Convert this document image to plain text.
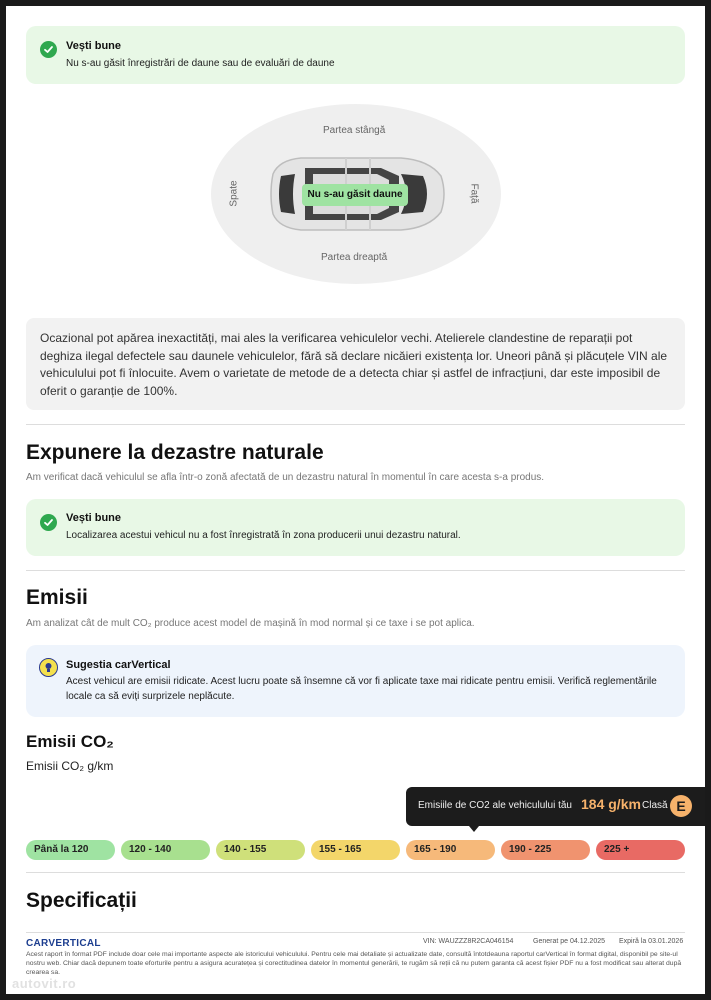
Vești bune
Nu s-au găsit înregistrări de daune sau de evaluări de daune
Partea stângă
Partea dreaptă
Spate	Față
Nu s-au găsit daune
Ocazional pot apărea inexactități, mai ales la verificarea vehiculelor vechi. Atelierele clandestine de reparații pot deghiza ilegal defectele sau daunele vehiculelor, fără să declare nicăieri existența lor. Uneori până și plăcuțele VIN ale vehiculului pot fi înlocuite. Avem o varietate de metode de a detecta chiar și astfel de infracțiuni, dar este imposibil de oferit o garanție de 100%.
Expunere la dezastre naturale
Am verificat dacă vehiculul se afla într-o zonă afectată de un dezastru natural în momentul în care acesta s-a produs.
Vești bune
Localizarea acestui vehicul nu a fost înregistrată în zona producerii unui dezastru natural.
Emisii
Am analizat cât de mult CO₂ produce acest model de mașină în mod normal și ce taxe i se pot aplica.
Sugestia carVertical
Acest vehicul are emisii ridicate. Acest lucru poate să însemne că vor fi aplicate taxe mai ridicate pentru emisii. Verifică reglementările locale ca să eviți surprizele neplăcute.
Emisii CO₂
Emisii CO₂ g/km
Emisiile de CO2 ale vehiculului tău 184 g/km Clasă E
Până la 120	120 - 140	140 - 155	155 - 165	165 - 190	190 - 225	225 +
Specificații
CARVERTICAL	VIN: WAUZZZ8R2CA046154	Generat pe 04.12.2025 Expiră la 03.01.2026
Acest raport în format PDF include doar cele mai importante aspecte ale istoricului vehiculului. Pentru cele mai detaliate și actualizate date, consultă întotdeauna raportul carVertical în format digital, disponibil pe site-ul nostru web. Chiar dacă depunem toate eforturile pentru a asigura acuratețea și corectitudinea datelor în momentul generării, te rugăm să reții că nu putem garanta că acest fișier PDF nu a fost modificat sau alterat după crearea sa.
autovit.ro
